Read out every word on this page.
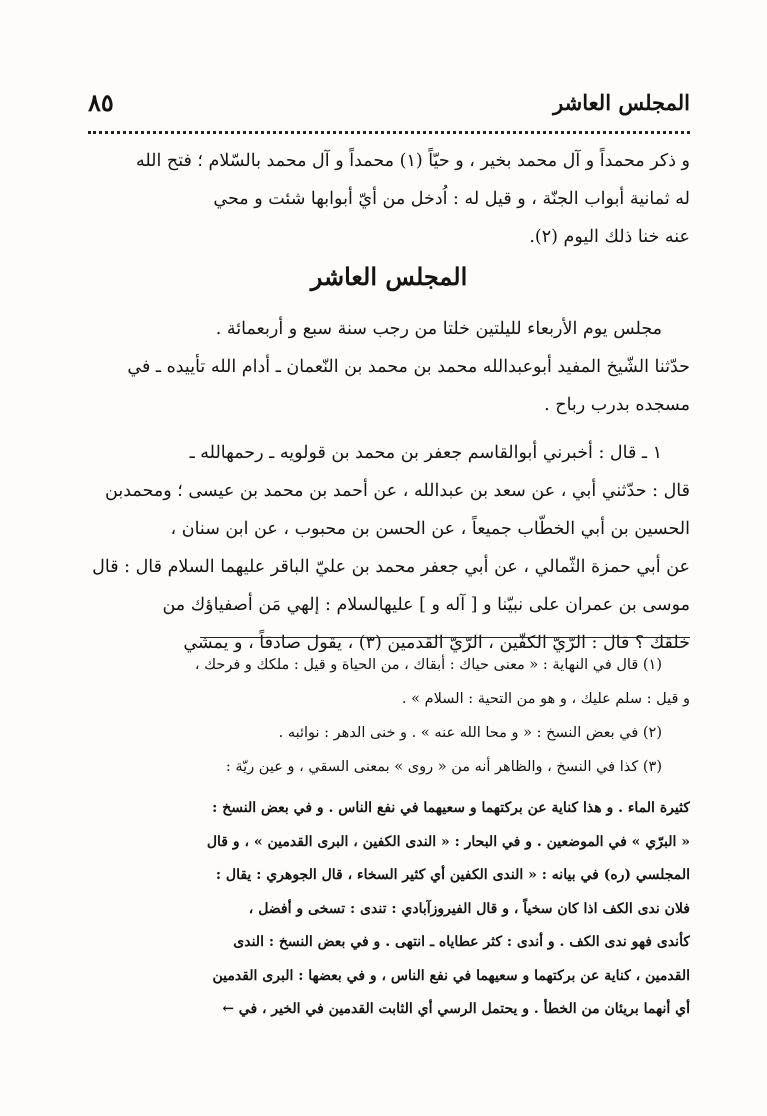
المجلس العاشر
٨٥
و ذكر محمداً و آل محمد بخير ، و حيّاً (١) محمداً و آل محمد بالسّلام ؛ فتح الله
له ثمانية أبواب الجنّة ، و قيل له : اُدخل من أيّ أبوابها شئت و محي
عنه خنا ذلك اليوم (٢).
المجلس العاشر
مجلس يوم الأربعاء لليلتين خلتا من رجب سنة سبع و أربعمائة .
حدّثنا الشّيخ المفيد أبوعبدالله محمد بن محمد بن النّعمان ـ أدام الله تأييده ـ في
مسجده بدرب رباح .
١ ـ قال : أخبرني أبوالقاسم جعفر بن محمد بن قولويه ـ رحمهالله ـ
قال : حدّثني أبي ، عن سعد بن عبدالله ، عن أحمد بن محمد بن عيسى ؛ ومحمدبن
الحسين بن أبي الخطّاب جميعاً ، عن الحسن بن محبوب ، عن ابن سنان ،
عن أبي حمزة الثّمالي ، عن أبي جعفر محمد بن عليّ الباقر عليهما السلام قال : قال
موسى بن عمران على نبيّنا و [ آله و ] عليهالسلام : إلهي مَن أصفياؤك من
خلقك ؟ قال : الرّيّ الكفّين ، الرّيّ القدمين (٣) ، يقول صادقاً ، و يمشي
(١) قال في النهاية : « معنى حياك : أبقاك ، من الحياة و قيل : ملكك و فرحك ،
و قيل : سلم عليك ، و هو من التحية : السلام » .
(٢) في بعض النسخ : « و محا الله عنه » . و خنى الدهر : نوائبه .
(٣) كذا في النسخ ، والظاهر أنه من « روى » بمعنى السقي ، و عين ريّة :
كثيرة الماء . و هذا كناية عن بركتهما و سعيهما في نفع الناس . و في بعض النسخ :
« البرّي » في الموضعين . و في البحار : « الندى الكفين ، البرى القدمين » ، و قال
المجلسي (ره) في بيانه : « الندى الكفين أي كثير السخاء ، قال الجوهري : يقال :
فلان ندى الكف اذا كان سخياً ، و قال الفيروزآبادي : تندى : تسخى و أفضل ،
كأندى فهو ندى الكف . و أندى : كثر عطاياه ـ انتهى . و في بعض النسخ : الندى
القدمين ، كناية عن بركتهما و سعيهما في نفع الناس ، و في بعضها : البرى القدمين
أي أنهما بريئان من الخطأ . و يحتمل الرسي أي الثابت القدمين في الخير ، في ←
